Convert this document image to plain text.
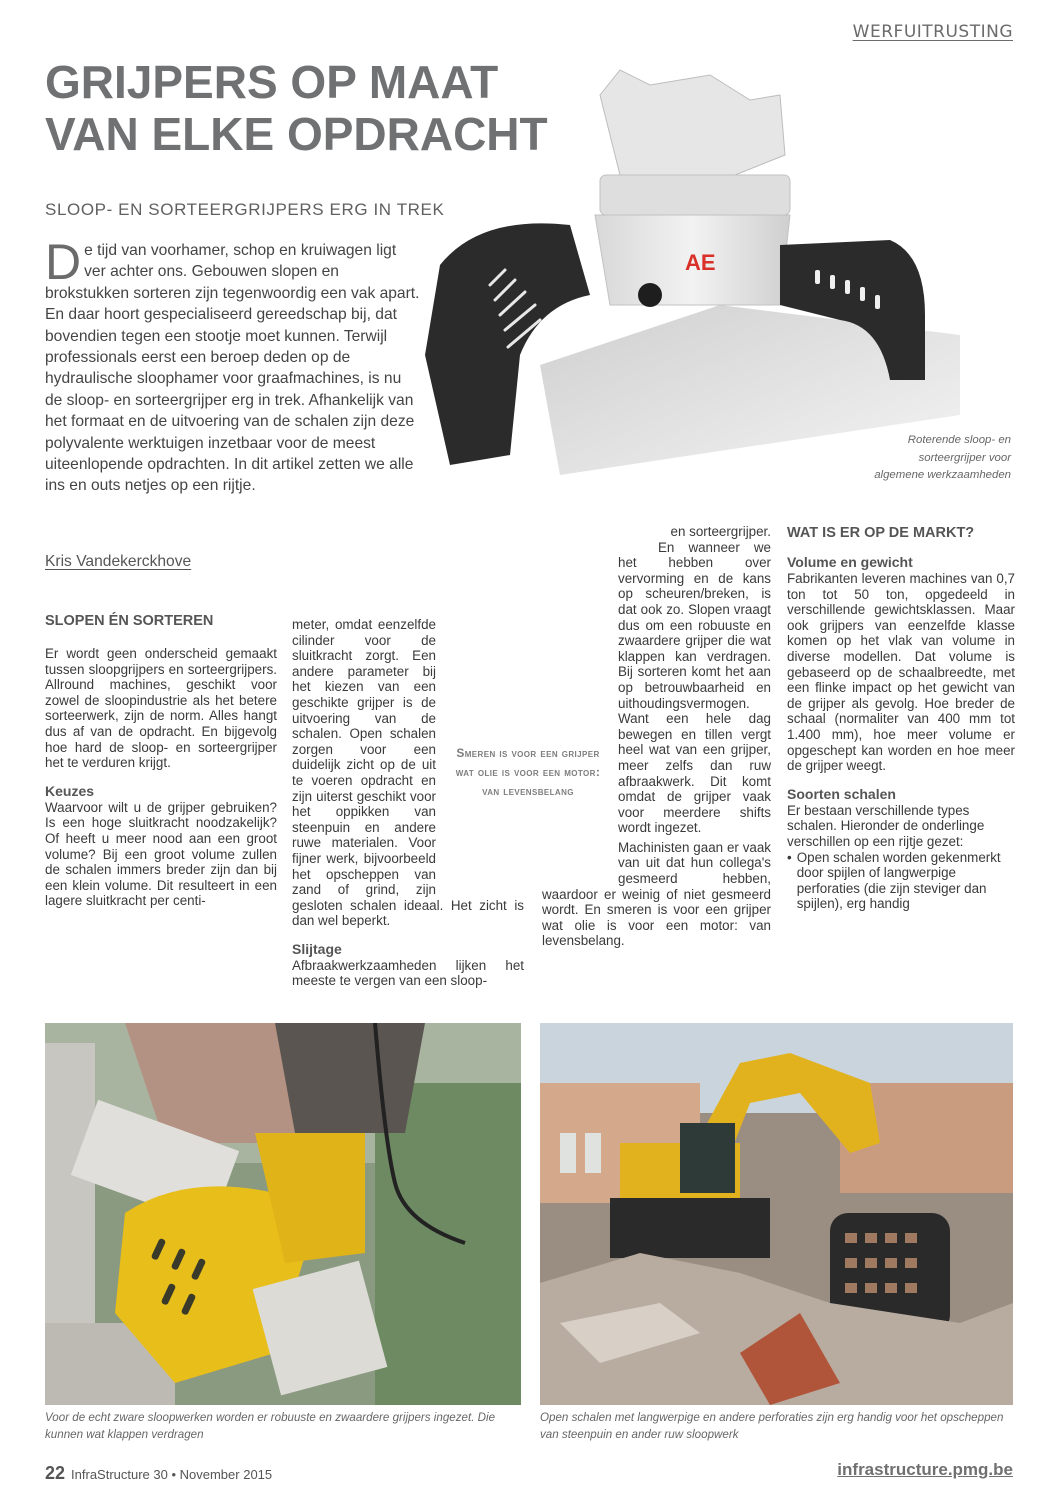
WERFUITRUSTING
GRIJPERS OP MAAT
VAN ELKE OPDRACHT
SLOOP- EN SORTEERGRIJPERS ERG IN TREK
AE
Roterende sloop- en sorteergrijper voor algemene werkzaamheden
De tijd van voorhamer, schop en kruiwagen ligt ver achter ons. Gebouwen slopen en brokstukken sorteren zijn tegenwoordig een vak apart. En daar hoort gespecialiseerd gereedschap bij, dat bovendien tegen een stootje moet kunnen. Terwijl professionals eerst een beroep deden op de hydraulische sloophamer voor graafmachines, is nu de sloop- en sorteergrijper erg in trek. Afhankelijk van het formaat en de uitvoering van de schalen zijn deze polyvalente werktuigen inzetbaar voor de meest uiteenlopende opdrachten. In dit artikel zetten we alle ins en outs netjes op een rijtje.
Kris Vandekerckhove
SLOPEN ÉN SORTEREN

Er wordt geen onderscheid gemaakt tussen sloopgrijpers en sorteergrijpers. Allround machines, geschikt voor zowel de sloopindustrie als het betere sorteerwerk, zijn de norm. Alles hangt dus af van de opdracht. En bijgevolg hoe hard de sloop- en sorteergrijper het te verduren krijgt.

Keuzes

Waarvoor wilt u de grijper gebruiken? Is een hoge sluitkracht noodzakelijk? Of heeft u meer nood aan een groot volume? Bij een groot volume zullen de schalen immers breder zijn dan bij een klein volume. Dit resulteert in een lagere sluitkracht per centi-

meter, omdat eenzelfde cilinder voor de sluitkracht zorgt. Een andere parameter bij het kiezen van een geschikte grijper is de uitvoering van de schalen. Open schalen zorgen voor een duidelijk zicht op de uit te voeren opdracht en zijn uiterst geschikt voor het oppikken van steenpuin en andere ruwe materialen. Voor fijner werk, bijvoorbeeld het opscheppen van zand of grind, zijn gesloten schalen ideaal. Het zicht is dan wel beperkt.

Slijtage

Afbraakwerkzaamheden lijken het meeste te vergen van een sloop-

en sorteergrijper.

En wanneer we het hebben over vervorming en de kans op scheuren/breken, is dat ook zo. Slopen vraagt dus om een robuuste en zwaardere grijper die wat klappen kan verdragen. Bij sorteren komt het aan op betrouwbaarheid en uithoudingsvermogen. Want een hele dag bewegen en tillen vergt heel wat van een grijper, meer zelfs dan ruw afbraakwerk. Dit komt omdat de grijper vaak voor meerdere shifts wordt ingezet.

Machinisten gaan er vaak van uit dat hun collega's gesmeerd hebben, waardoor er weinig of niet gesmeerd wordt. En smeren is voor een grijper wat olie is voor een motor: van levensbelang.

Smeren is voor een grijper wat olie is voor een motor: van levensbelang
WAT IS ER OP DE MARKT?
Volume en gewicht

Fabrikanten leveren machines van 0,7 ton tot 50 ton, opgedeeld in verschillende gewichtsklassen. Maar ook grijpers van eenzelfde klasse komen op het vlak van volume in diverse modellen. Dat volume is gebaseerd op de schaalbreedte, met een flinke impact op het gewicht van de grijper als gevolg. Hoe breder de schaal (normaliter van 400 mm tot 1.400 mm), hoe meer volume er opgeschept kan worden en hoe meer de grijper weegt.

Soorten schalen

Er bestaan verschillende types schalen. Hieronder de onderlinge verschillen op een rijtje gezet:

• Open schalen worden gekenmerkt door spijlen of langwerpige perforaties (die zijn steviger dan spijlen), erg handig
Voor de echt zware sloopwerken worden er robuuste en zwaardere grijpers ingezet. Die kunnen wat klappen verdragen
Open schalen met langwerpige en andere perforaties zijn erg handig voor het opscheppen van steenpuin en ander ruw sloopwerk
22 InfraStructure 30 • November 2015	infrastructure.pmg.be
